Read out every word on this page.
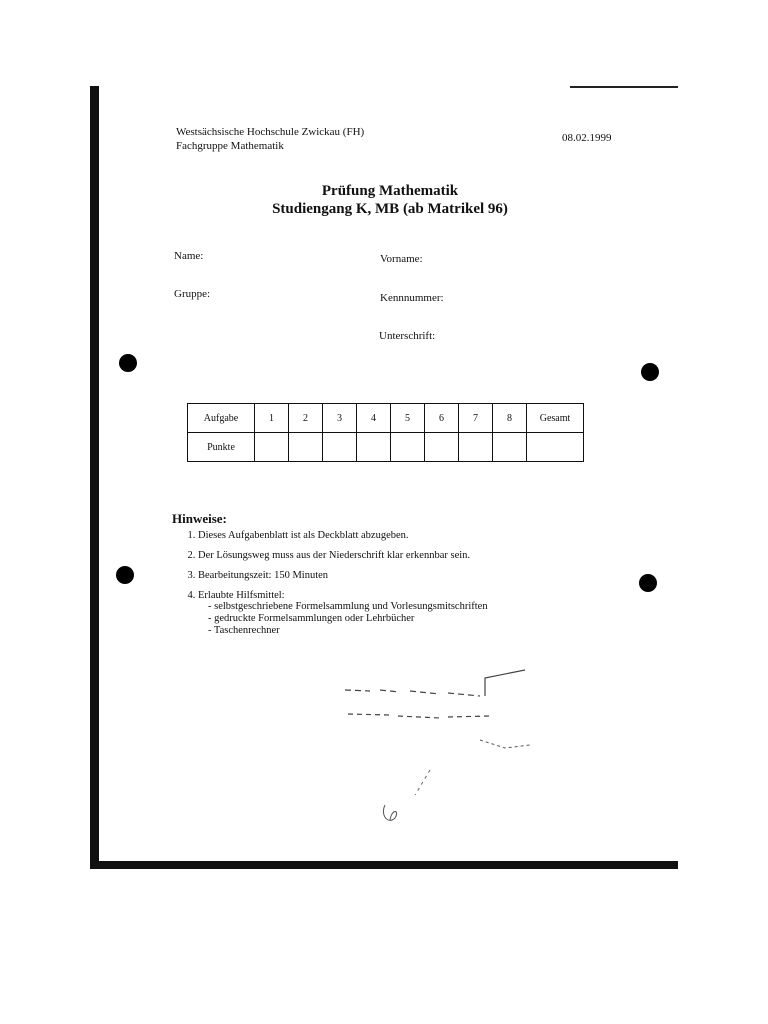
Westsächsische Hochschule Zwickau (FH)
Fachgruppe Mathematik
08.02.1999
Prüfung Mathematik
Studiengang K, MB (ab Matrikel 96)
Name:	Vorname:
Gruppe:	Kennnummer:
Unterschrift:
Aufgabe	1	2	3	4	5	6	7	8	Gesamt
Punkte									
Hinweise:
1. Dieses Aufgabenblatt ist als Deckblatt abzugeben.
2. Der Lösungsweg muss aus der Niederschrift klar erkennbar sein.
3. Bearbeitungszeit: 150 Minuten
4. Erlaubte Hilfsmittel:
- selbstgeschriebene Formelsammlung und Vorlesungsmitschriften
- gedruckte Formelsammlungen oder Lehrbücher
- Taschenrechner
